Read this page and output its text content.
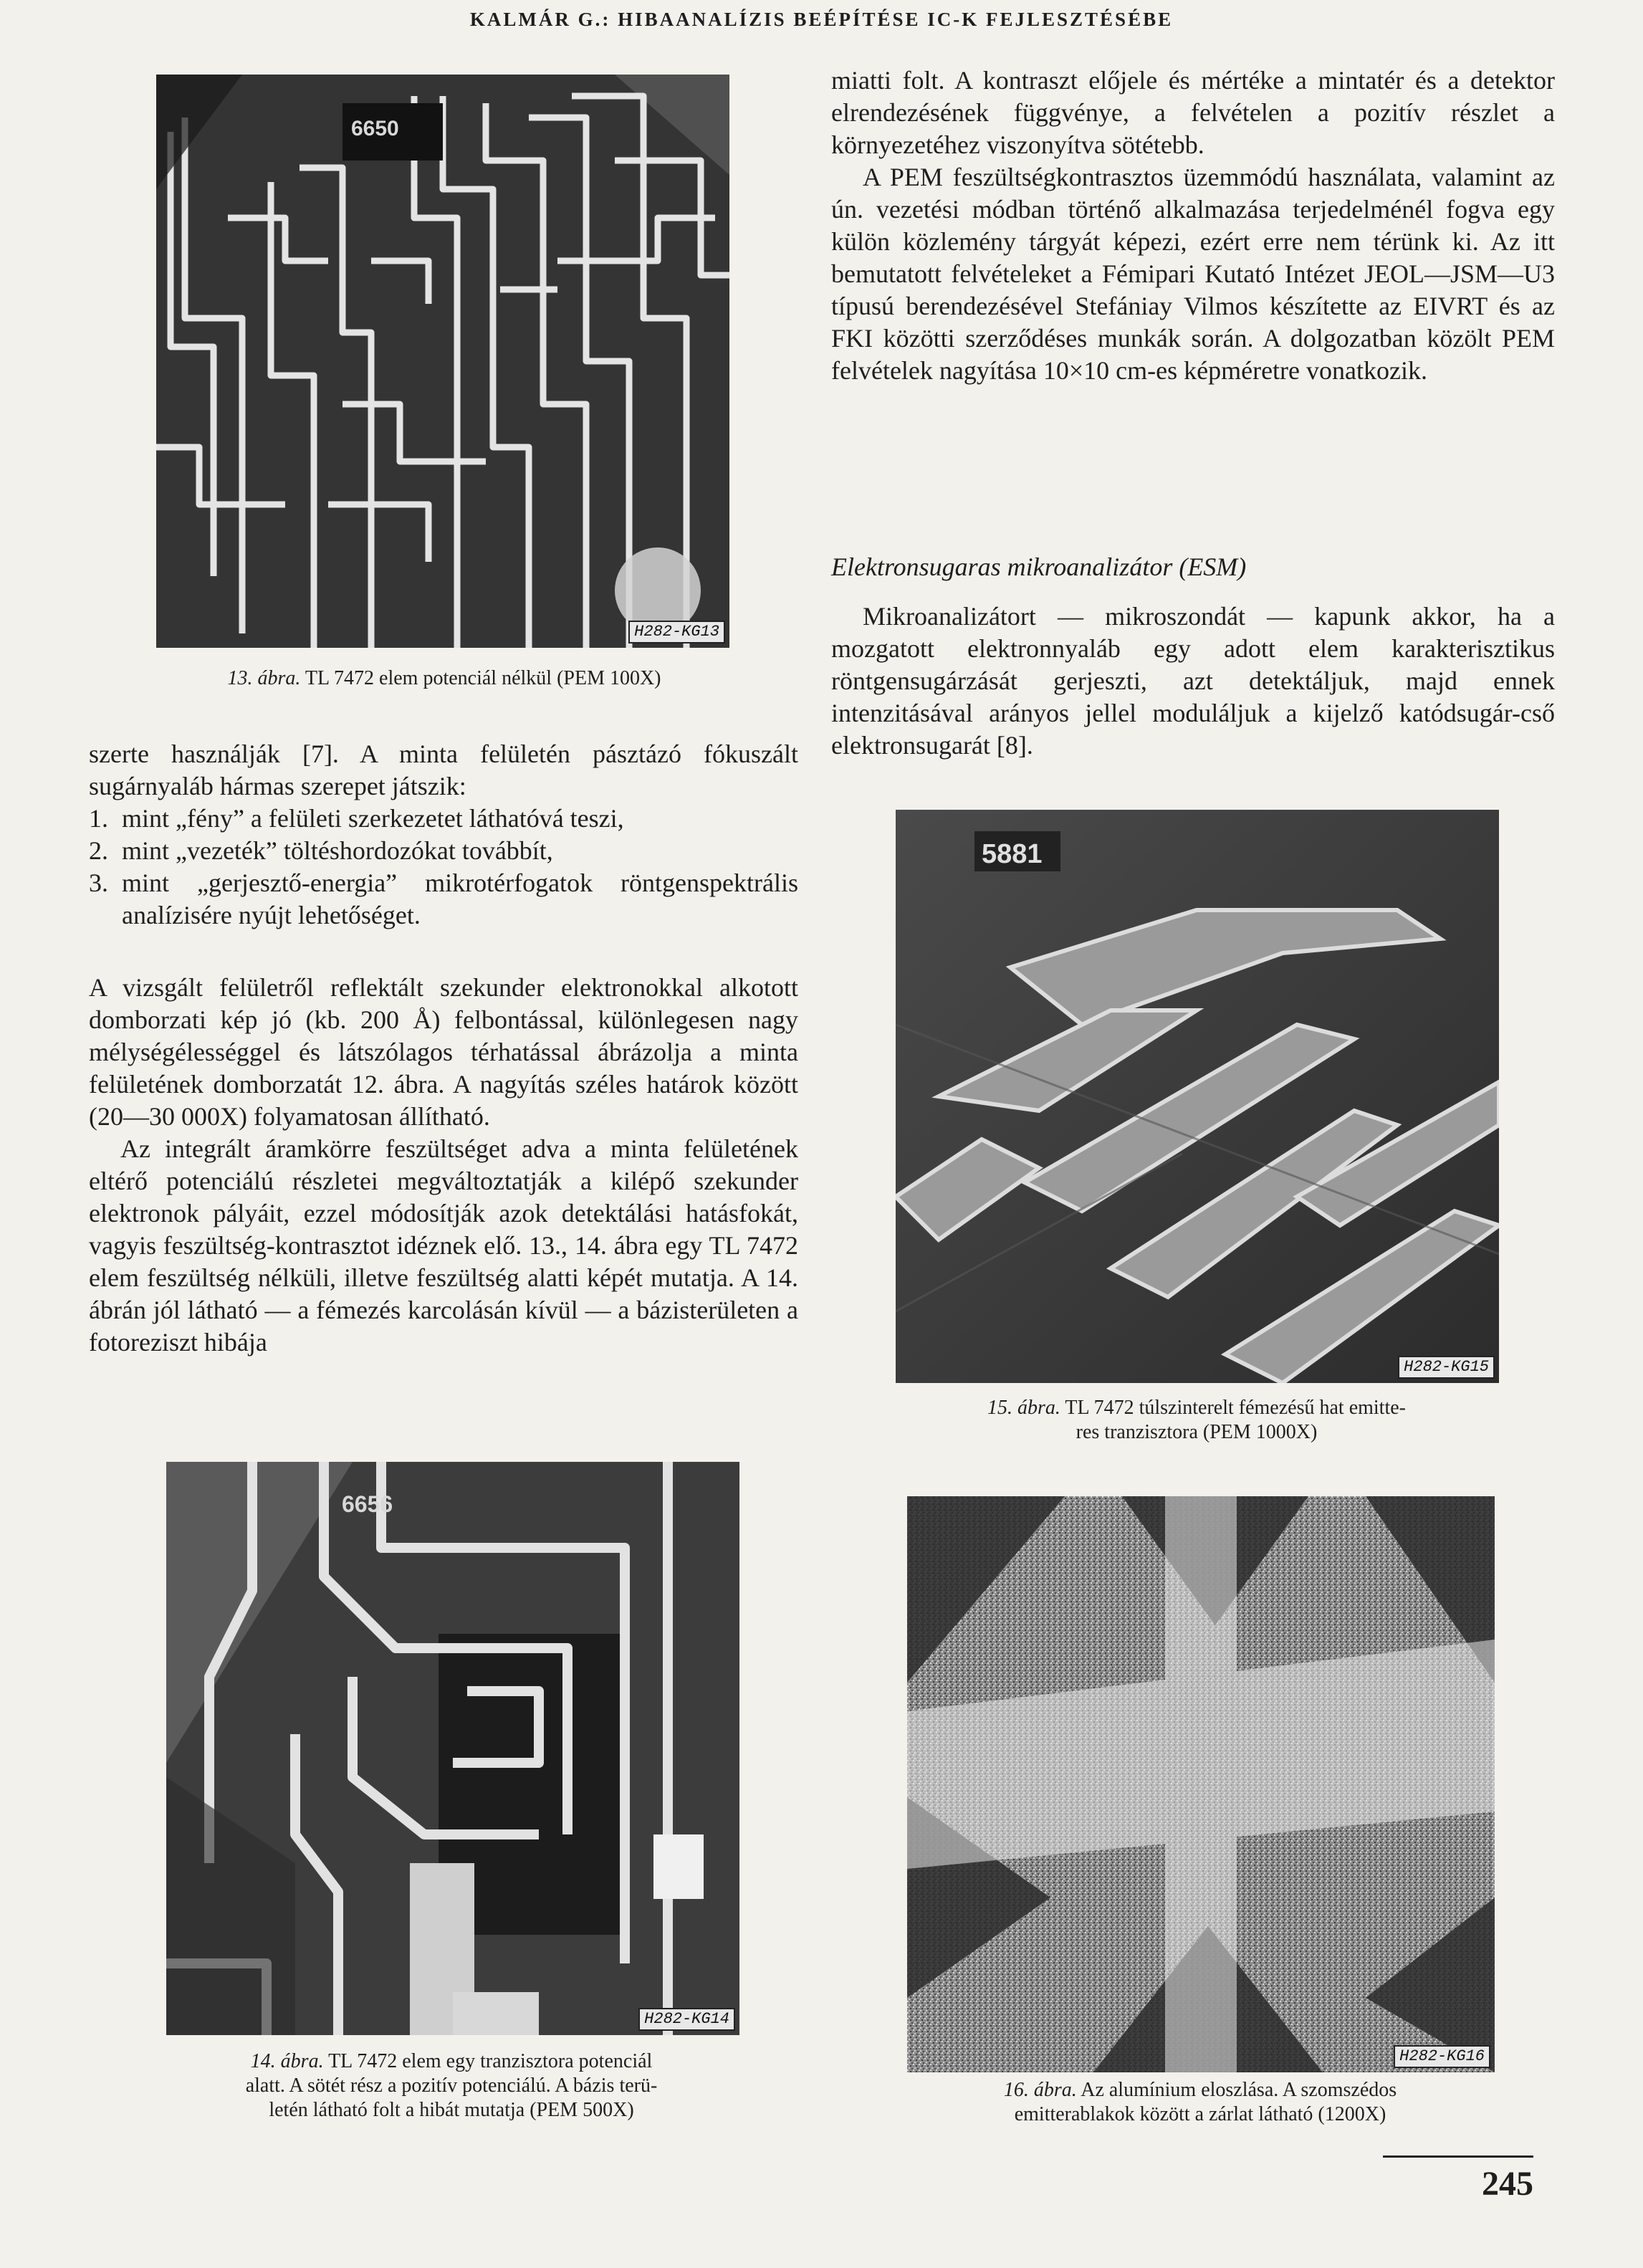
KALMÁR G.: HIBAANALÍZIS BEÉPÍTÉSE IC-K FEJLESZTÉSÉBE
6650
H282-KG13
13. ábra. TL 7472 elem potenciál nélkül (PEM 100X)

szerte használják [7]. A minta felületén pásztázó fókuszált sugárnyaláb hármas szerepet játszik:

1. mint „fény” a felületi szerkezetet láthatóvá teszi,
2. mint „vezeték” töltéshordozókat továbbít,
3. mint „gerjesztő-energia” mikrotérfogatok röntgenspektrális analízisére nyújt lehetőséget.

A vizsgált felületről reflektált szekunder elektronokkal alkotott domborzati kép jó (kb. 200 Å) felbontással, különlegesen nagy mélységélességgel és látszólagos térhatással ábrázolja a minta felületének domborzatát 12. ábra. A nagyítás széles határok között (20—30 000X) folyamatosan állítható.

Az integrált áramkörre feszültséget adva a minta felületének eltérő potenciálú részletei megváltoztatják a kilépő szekunder elektronok pályáit, ezzel módosítják azok detektálási hatásfokát, vagyis feszültség-kontrasztot idéznek elő. 13., 14. ábra egy TL 7472 elem feszültség nélküli, illetve feszültség alatti képét mutatja. A 14. ábrán jól látható — a fémezés karcolásán kívül — a bázisterületen a fotoreziszt hibája

miatti folt. A kontraszt előjele és mértéke a mintatér és a detektor elrendezésének függvénye, a felvételen a pozitív részlet a környezetéhez viszonyítva sötétebb.

A PEM feszültségkontrasztos üzemmódú használata, valamint az ún. vezetési módban történő alkalmazása terjedelménél fogva egy külön közlemény tárgyát képezi, ezért erre nem térünk ki. Az itt bemutatott felvételeket a Fémipari Kutató Intézet JEOL—JSM—U3 típusú berendezésével Stefániay Vilmos készítette az EIVRT és az FKI közötti szerződéses munkák során. A dolgozatban közölt PEM felvételek nagyítása 10×10 cm-es képméretre vonatkozik.

Elektronsugaras mikroanalizátor (ESM)

Mikroanalizátort — mikroszondát — kapunk akkor, ha a mozgatott elektronnyaláb egy adott elem karakterisztikus röntgensugárzását gerjeszti, azt detektáljuk, majd ennek intenzitásával arányos jellel moduláljuk a kijelző katódsugár-cső elektronsugarát [8].

5881
H282-KG15
15. ábra. TL 7472 túlszinterelt fémezésű hat emitte-
res tranzisztora (PEM 1000X)
6656
H282-KG14
14. ábra. TL 7472 elem egy tranzisztora potenciál
alatt. A sötét rész a pozitív potenciálú. A bázis terü-
letén látható folt a hibát mutatja (PEM 500X)
H282-KG16
16. ábra. Az alumínium eloszlása. A szomszédos
emitterablakok között a zárlat látható (1200X)
245
